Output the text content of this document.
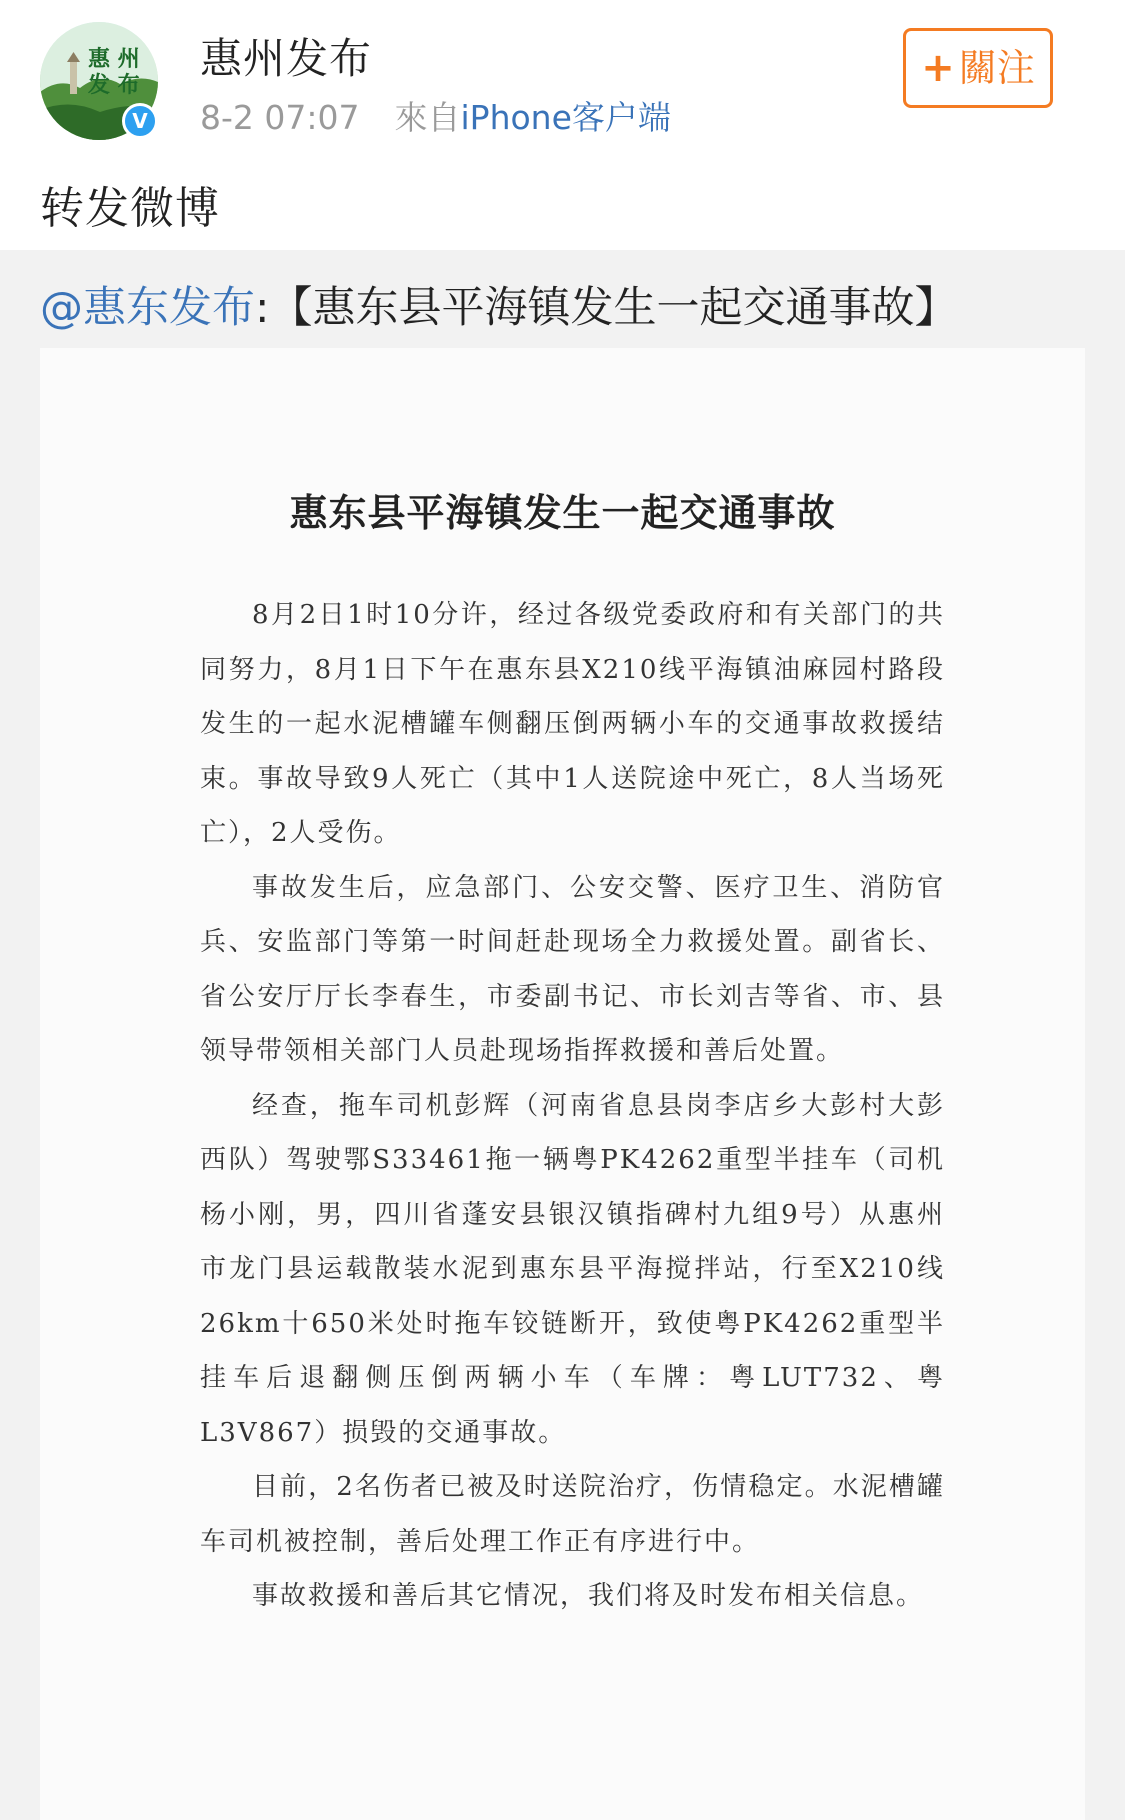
惠 州
发 布
V
惠州发布
8-2 07:07 來自iPhone客户端
+ 關注
转发微博
@惠东发布:【惠东县平海镇发生一起交通事故】
惠东县平海镇发生一起交通事故

8月2日1时10分许，经过各级党委政府和有关部门的共同努力，8月1日下午在惠东县X210线平海镇油麻园村路段发生的一起水泥槽罐车侧翻压倒两辆小车的交通事故救援结束。事故导致9人死亡（其中1人送院途中死亡，8人当场死亡），2人受伤。

事故发生后，应急部门、公安交警、医疗卫生、消防官兵、安监部门等第一时间赶赴现场全力救援处置。副省长、省公安厅厅长李春生，市委副书记、市长刘吉等省、市、县领导带领相关部门人员赴现场指挥救援和善后处置。

经查，拖车司机彭辉（河南省息县岗李店乡大彭村大彭西队）驾驶鄂S33461拖一辆粤PK4262重型半挂车（司机杨小刚，男，四川省蓬安县银汉镇指碑村九组9号）从惠州市龙门县运载散装水泥到惠东县平海搅拌站，行至X210线26km十650米处时拖车铰链断开，致使粤PK4262重型半挂车后退翻侧压倒两辆小车（车牌：粤LUT732、粤L3V867）损毁的交通事故。

目前，2名伤者已被及时送院治疗，伤情稳定。水泥槽罐车司机被控制，善后处理工作正有序进行中。

事故救援和善后其它情况，我们将及时发布相关信息。
